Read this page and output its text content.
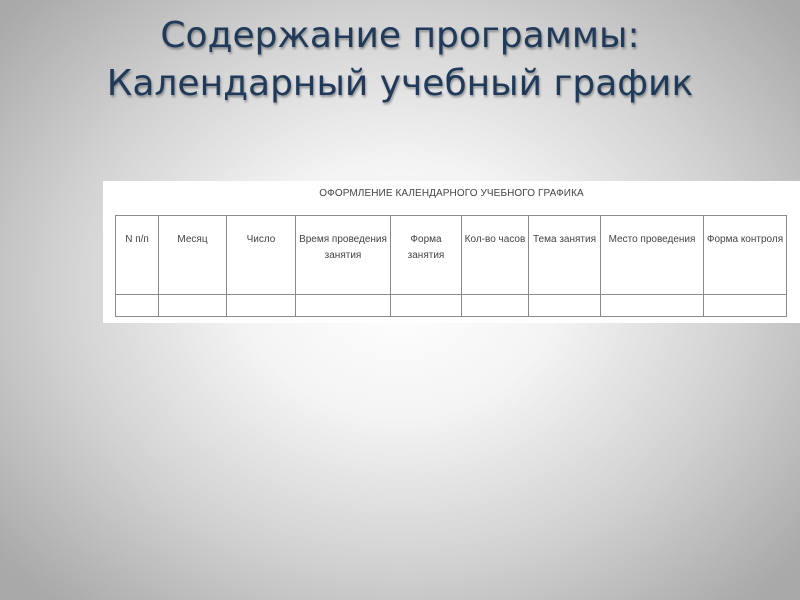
Содержание программы:
Календарный учебный график
ОФОРМЛЕНИЕ КАЛЕНДАРНОГО УЧЕБНОГО ГРАФИКА
N п/п	Месяц	Число	Время проведения занятия	Форма занятия	Кол-во часов	Тема занятия	Место проведения	Форма контроля
